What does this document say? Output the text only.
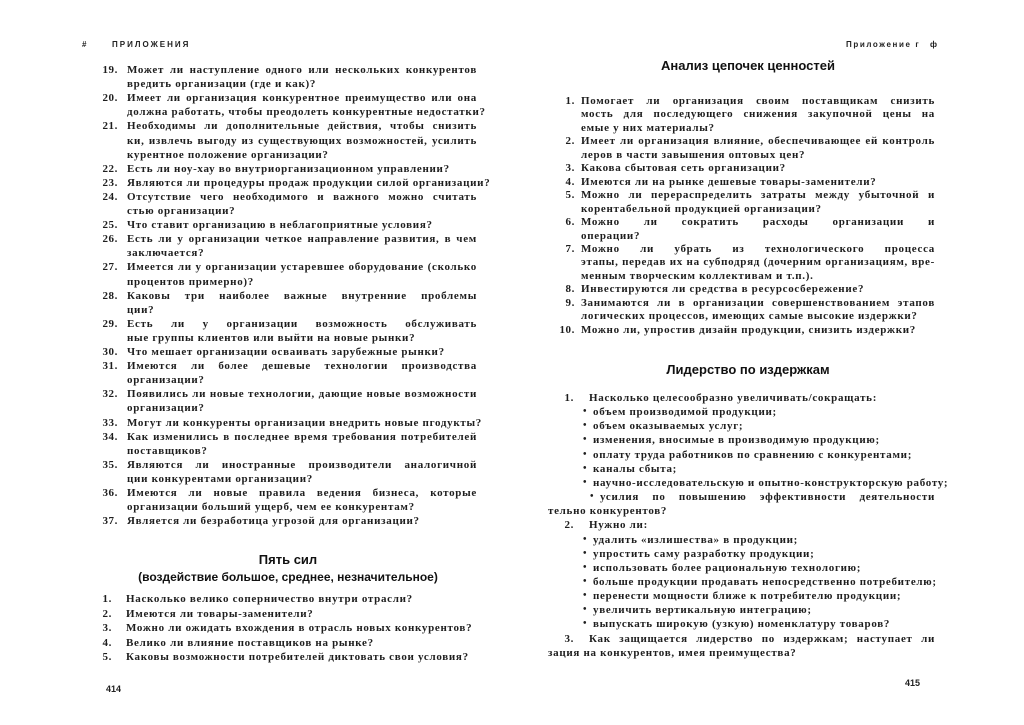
#	ПРИЛОЖЕНИЯ
Пять сил
(воздействие большое, среднее, незначительное)
414
19. Может ли наступление одного или нескольких конкурентов
вредить организации (где и как)?
20. Имеет ли организация конкурентное преимущество или она
должна работать, чтобы преодолеть конкурентные недостатки?
21. Необходимы ли дополнительные действия, чтобы снизить
ки, извлечь выгоду из существующих возможностей, усилить
курентное положение организации?
22. Есть ли ноу-хау во внутриорганизационном управлении?
23. Являются ли процедуры продаж продукции силой организации?
24. Отсутствие чего необходимого и важного можно считать
стью организации?
25. Что ставит организацию в неблагоприятные условия?
26. Есть ли у организации четкое направление развития, в чем
заключается?
27. Имеется ли у организации устаревшее оборудование (сколько
процентов примерно)?
28. Каковы три наиболее важные внутренние проблемы
ции?
29. Есть ли у организации возможность обслуживать
ные группы клиентов или выйти на новые рынки?
30. Что мешает организации осваивать зарубежные рынки?
31. Имеются ли более дешевые технологии производства
организации?
32. Появились ли новые технологии, дающие новые возможности
организации?
33. Могут ли конкуренты организации внедрить новые пгодукты?
34. Как изменились в последнее время требования потребителей
поставщиков?
35. Являются ли иностранные производители аналогичной
ции конкурентами организации?
36. Имеются ли новые правила ведения бизнеса, которые
организации больший ущерб, чем ее конкурентам?
37. Является ли безработица угрозой для организации?
1. Насколько велико соперничество внутри отрасли?
2. Имеются ли товары-заменители?
3. Можно ли ожидать вхождения в отрасль новых конкурентов?
4. Велико ли влияние поставщиков на рынке?
5. Каковы возможности потребителей диктовать свои условия?
Приложение г ф
Анализ цепочек ценностей
Лидерство по издержкам
415
1. Помогает ли организация своим поставщикам снизить
мость для последующего снижения закупочной цены на
емые у них материалы?
2. Имеет ли организация влияние, обеспечивающее ей контроль
леров в части завышения оптовых цен?
3. Какова сбытовая сеть организации?
4. Имеются ли на рынке дешевые товары-заменители?
5. Можно ли перераспределить затраты между убыточной и
корентабельной продукцией организации?
6. Можно ли сократить расходы организации и
операции?
7. Можно ли убрать из технологического процесса
этапы, передав их на субподряд (дочерним организациям, вре-
менным творческим коллективам и т.п.).
8. Инвестируются ли средства в ресурсосбережение?
9. Занимаются ли в организации совершенствованием этапов
логических процессов, имеющих самые высокие издержки?
10. Можно ли, упростив дизайн продукции, снизить издержки?
1. Насколько целесообразно увеличивать/сокращать:
• объем производимой продукции;
• объем оказываемых услуг;
• изменения, вносимые в производимую продукцию;
• оплату труда работников по сравнению с конкурентами;
• каналы сбыта;
• научно-исследовательскую и опытно-конструкторскую работу;
• усилия по повышению эффективности деятельности
тельно конкурентов?
2. Нужно ли:
• удалить «излишества» в продукции;
• упростить саму разработку продукции;
• использовать более рациональную технологию;
• больше продукции продавать непосредственно потребителю;
• перенести мощности ближе к потребителю продукции;
• увеличить вертикальную интеграцию;
• выпускать широкую (узкую) номенклатуру товаров?
3. Как защищается лидерство по издержкам; наступает ли
зация на конкурентов, имея преимущества?
